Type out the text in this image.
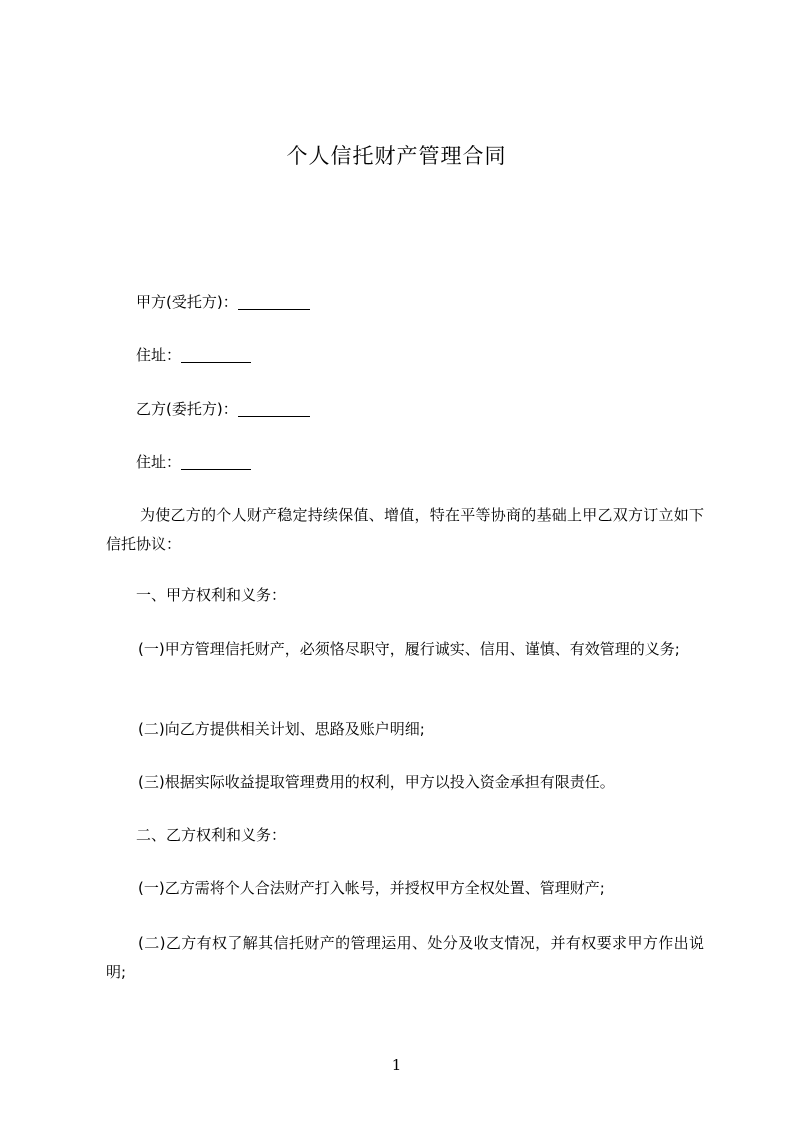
个人信托财产管理合同

甲方(受托方)：

住址：

乙方(委托方)：

住址：

为使乙方的个人财产稳定持续保值、增值，特在平等协商的基础上甲乙双方订立如下信托协议：

一、甲方权利和义务：

(一)甲方管理信托财产，必须恪尽职守，履行诚实、信用、谨慎、有效管理的义务;

(二)向乙方提供相关计划、思路及账户明细;

(三)根据实际收益提取管理费用的权利，甲方以投入资金承担有限责任。

二、乙方权利和义务：

(一)乙方需将个人合法财产打入帐号，并授权甲方全权处置、管理财产;

(二)乙方有权了解其信托财产的管理运用、处分及收支情况，并有权要求甲方作出说明;

1
